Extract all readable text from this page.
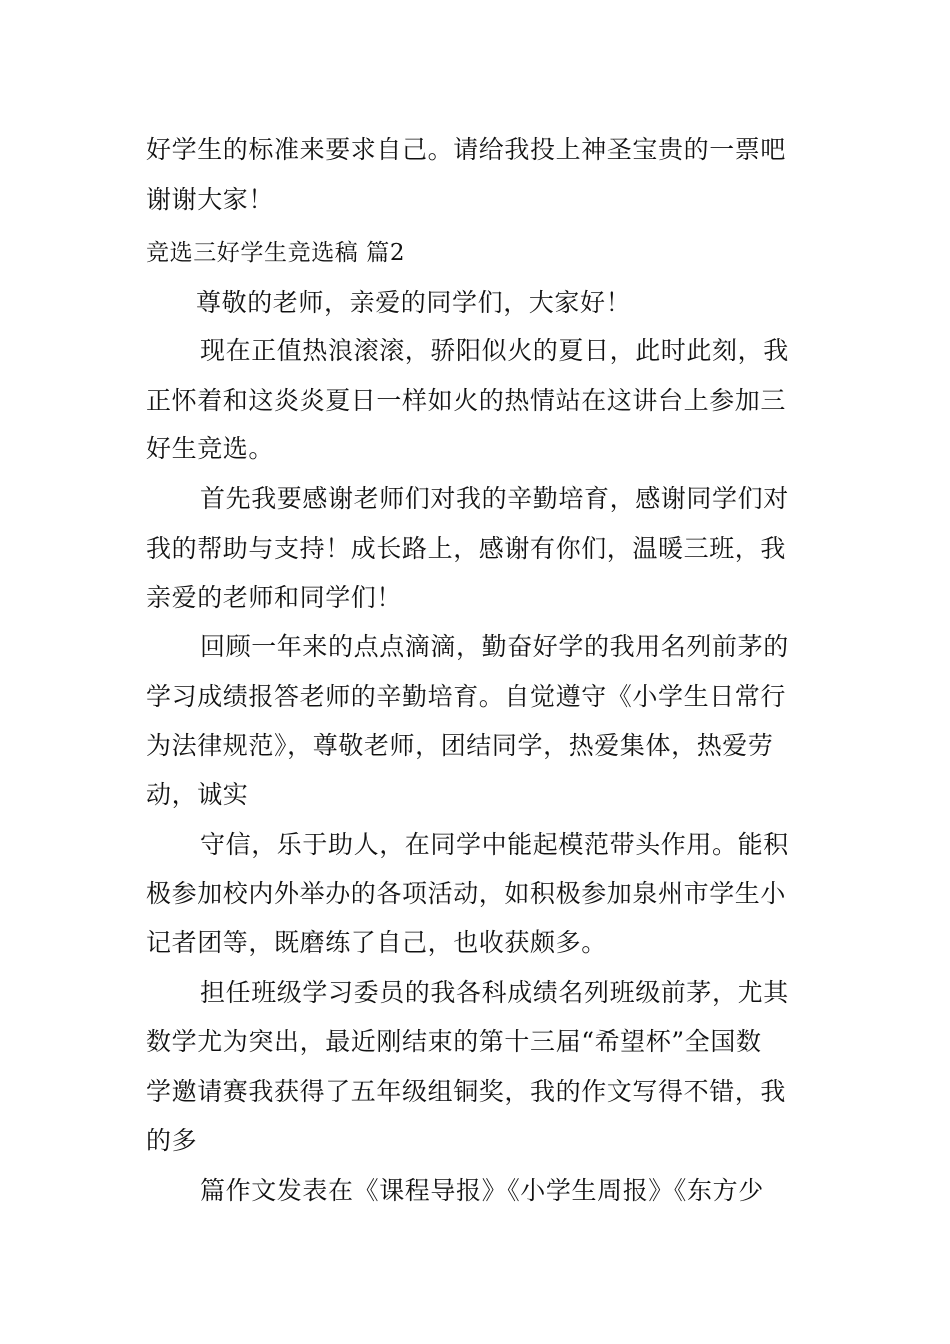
好学生的标准来要求自己。请给我投上神圣宝贵的一票吧
谢谢大家！
竞选三好学生竞选稿 篇2
尊敬的老师，亲爱的同学们，大家好！
现在正值热浪滚滚，骄阳似火的夏日，此时此刻，我
正怀着和这炎炎夏日一样如火的热情站在这讲台上参加三
好生竞选。
首先我要感谢老师们对我的辛勤培育，感谢同学们对
我的帮助与支持！成长路上，感谢有你们，温暖三班，我
亲爱的老师和同学们！
回顾一年来的点点滴滴，勤奋好学的我用名列前茅的
学习成绩报答老师的辛勤培育。自觉遵守《小学生日常行
为法律规范》，尊敬老师，团结同学，热爱集体，热爱劳
动，诚实
守信，乐于助人，在同学中能起模范带头作用。能积
极参加校内外举办的各项活动，如积极参加泉州市学生小
记者团等，既磨练了自己，也收获颇多。
担任班级学习委员的我各科成绩名列班级前茅，尤其
数学尤为突出，最近刚结束的第十三届“希望杯”全国数
学邀请赛我获得了五年级组铜奖，我的作文写得不错，我
的多
篇作文发表在《课程导报》《小学生周报》《东方少
